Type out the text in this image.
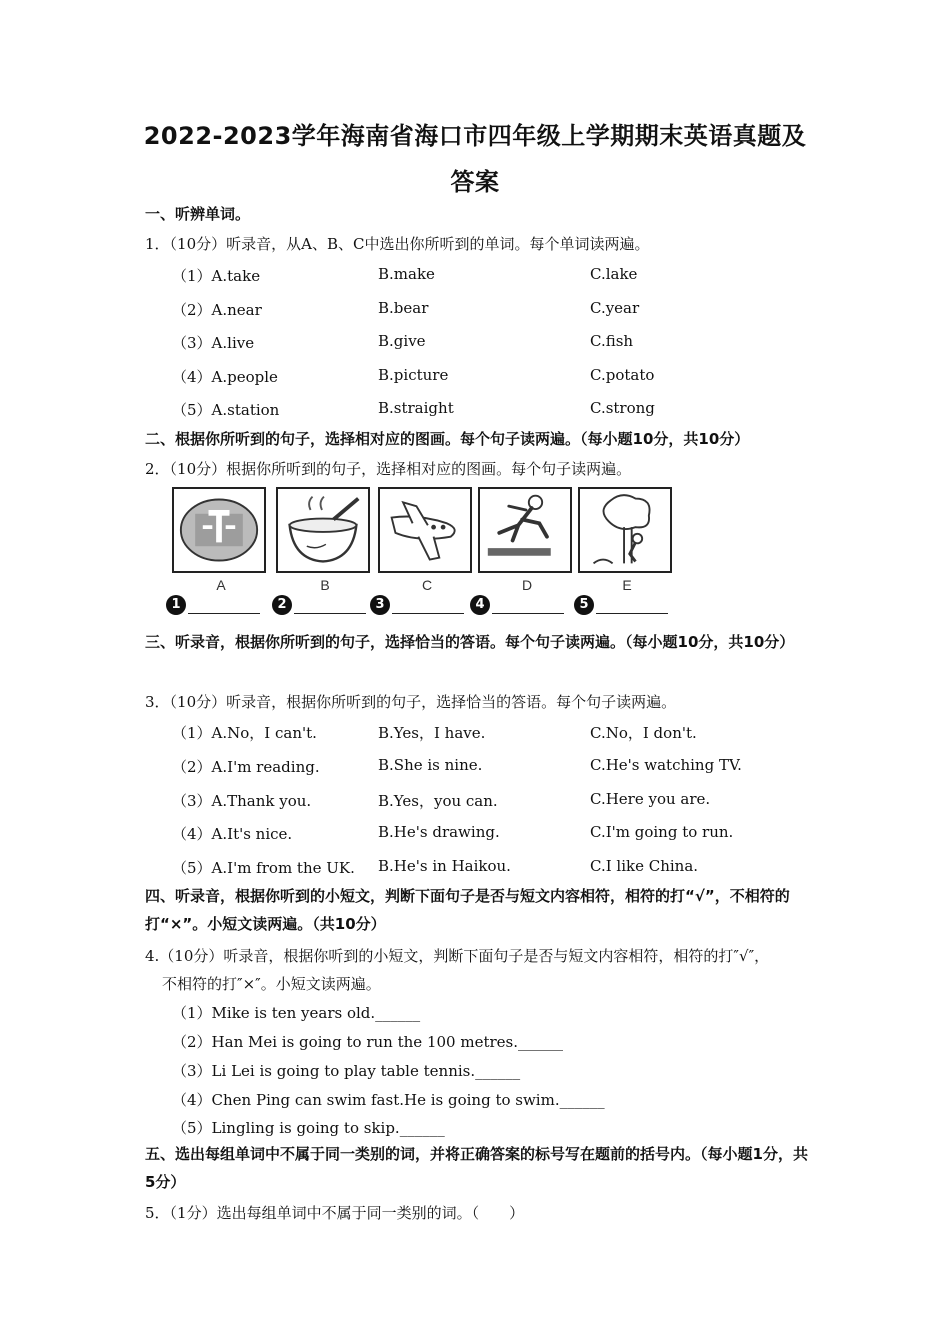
2022-2023学年海南省海口市四年级上学期期末英语真题及
答案
一、听辨单词。
1．（10分）听录音，从A、B、C中选出你所听到的单词。每个单词读两遍。
（1）A.take	B.make	C.lake
（2）A.near	B.bear	C.year
（3）A.live	B.give	C.fish
（4）A.people	B.picture	C.potato
（5）A.station	B.straight	C.strong
二、根据你所听到的句子，选择相对应的图画。每个句子读两遍。（每小题10分，共10分）
2．（10分）根据你所听到的句子，选择相对应的图画。每个句子读两遍。
A	B	C	D	E
1	2	3	4	5
三、听录音，根据你所听到的句子，选择恰当的答语。每个句子读两遍。（每小题10分，共10分）
3．（10分）听录音，根据你所听到的句子，选择恰当的答语。每个句子读两遍。
（1）A.No，I can't.	B.Yes，I have.	C.No，I don't.
（2）A.I'm reading.	B.She is nine.	C.He's watching TV.
（3）A.Thank you.	B.Yes，you can.	C.Here you are.
（4）A.It's nice.	B.He's drawing.	C.I'm going to run.
（5）A.I'm from the UK. B.He's in Haikou.	C.I like China.
四、听录音，根据你听到的小短文，判断下面句子是否与短文内容相符，相符的打“√”，不相符的打“×”。小短文读两遍。（共10分）
4.（10分）听录音，根据你听到的小短文，判断下面句子是否与短文内容相符，相符的打″√″，
不相符的打″×″。小短文读两遍。
（1）Mike is ten years old.______
（2）Han Mei is going to run the 100 metres.______
（3）Li Lei is going to play table tennis.______
（4）Chen Ping can swim fast.He is going to swim.______
（5）Lingling is going to skip.______
五、选出每组单词中不属于同一类别的词，并将正确答案的标号写在题前的括号内。（每小题1分，共5分）
5．（1分）选出每组单词中不属于同一类别的词。（　　）
